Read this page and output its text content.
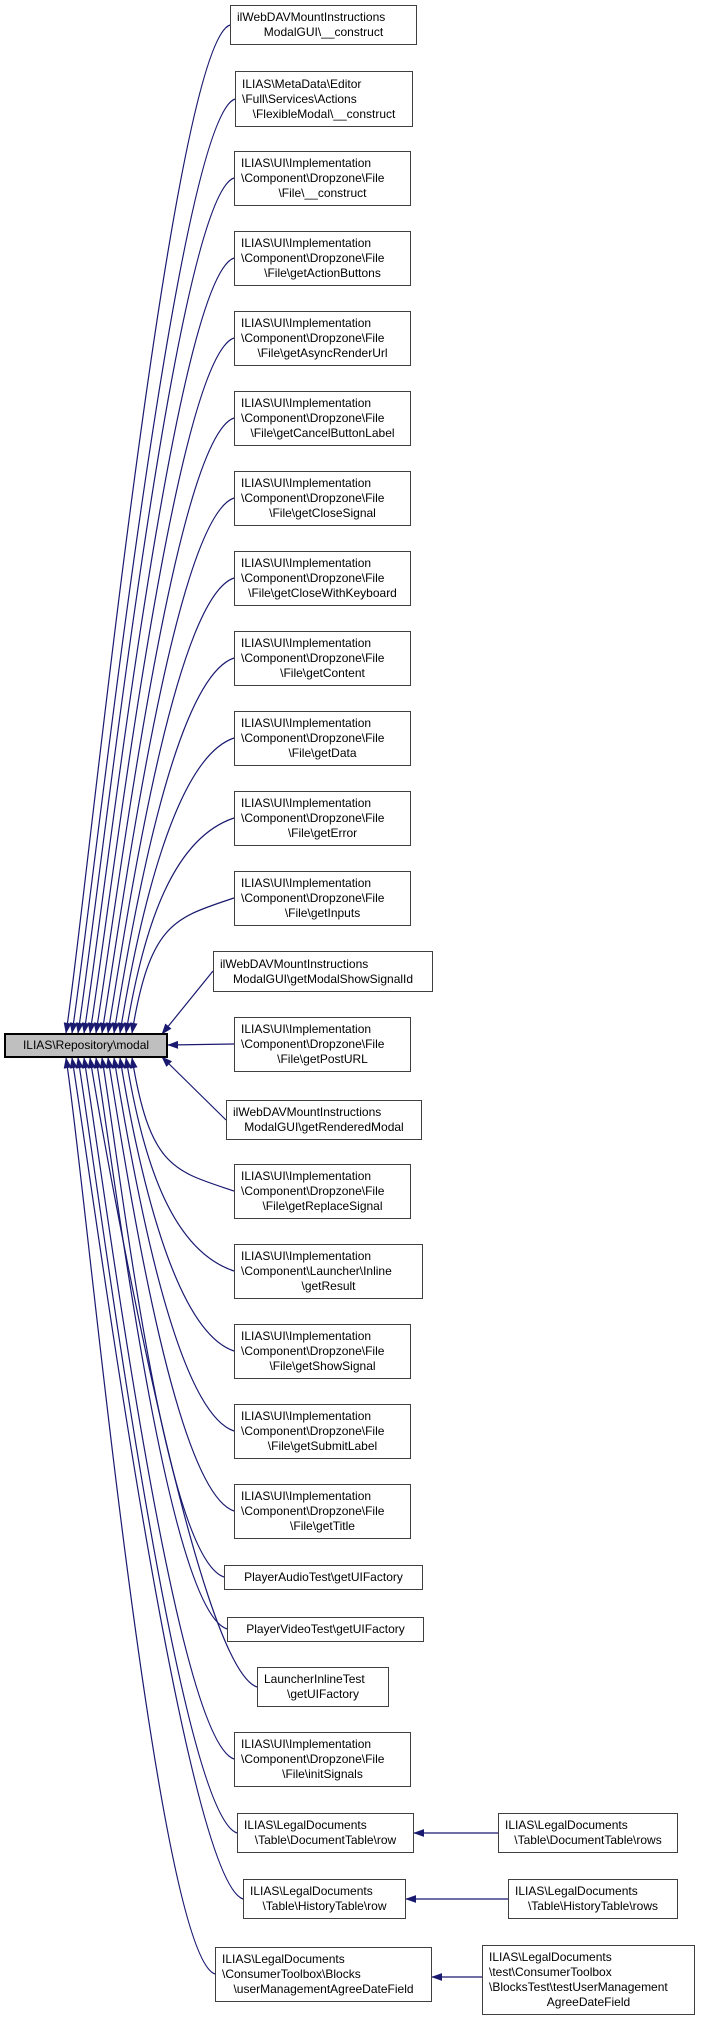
ILIAS\Repository\modal
ilWebDAVMountInstructions
ModalGUI\__construct
ILIAS\MetaData\Editor
\Full\Services\Actions
\FlexibleModal\__construct
ILIAS\UI\Implementation
\Component\Dropzone\File
\File\__construct
ILIAS\UI\Implementation
\Component\Dropzone\File
\File\getActionButtons
ILIAS\UI\Implementation
\Component\Dropzone\File
\File\getAsyncRenderUrl
ILIAS\UI\Implementation
\Component\Dropzone\File
\File\getCancelButtonLabel
ILIAS\UI\Implementation
\Component\Dropzone\File
\File\getCloseSignal
ILIAS\UI\Implementation
\Component\Dropzone\File
\File\getCloseWithKeyboard
ILIAS\UI\Implementation
\Component\Dropzone\File
\File\getContent
ILIAS\UI\Implementation
\Component\Dropzone\File
\File\getData
ILIAS\UI\Implementation
\Component\Dropzone\File
\File\getError
ILIAS\UI\Implementation
\Component\Dropzone\File
\File\getInputs
ilWebDAVMountInstructions
ModalGUI\getModalShowSignalId
ILIAS\UI\Implementation
\Component\Dropzone\File
\File\getPostURL
ilWebDAVMountInstructions
ModalGUI\getRenderedModal
ILIAS\UI\Implementation
\Component\Dropzone\File
\File\getReplaceSignal
ILIAS\UI\Implementation
\Component\Launcher\Inline
\getResult
ILIAS\UI\Implementation
\Component\Dropzone\File
\File\getShowSignal
ILIAS\UI\Implementation
\Component\Dropzone\File
\File\getSubmitLabel
ILIAS\UI\Implementation
\Component\Dropzone\File
\File\getTitle
PlayerAudioTest\getUIFactory
PlayerVideoTest\getUIFactory
LauncherInlineTest
\getUIFactory
ILIAS\UI\Implementation
\Component\Dropzone\File
\File\initSignals
ILIAS\LegalDocuments
\Table\DocumentTable\row
ILIAS\LegalDocuments
\Table\HistoryTable\row
ILIAS\LegalDocuments
\ConsumerToolbox\Blocks
\userManagementAgreeDateField
ILIAS\LegalDocuments
\Table\DocumentTable\rows
ILIAS\LegalDocuments
\Table\HistoryTable\rows
ILIAS\LegalDocuments
\test\ConsumerToolbox
\BlocksTest\testUserManagement
AgreeDateField
